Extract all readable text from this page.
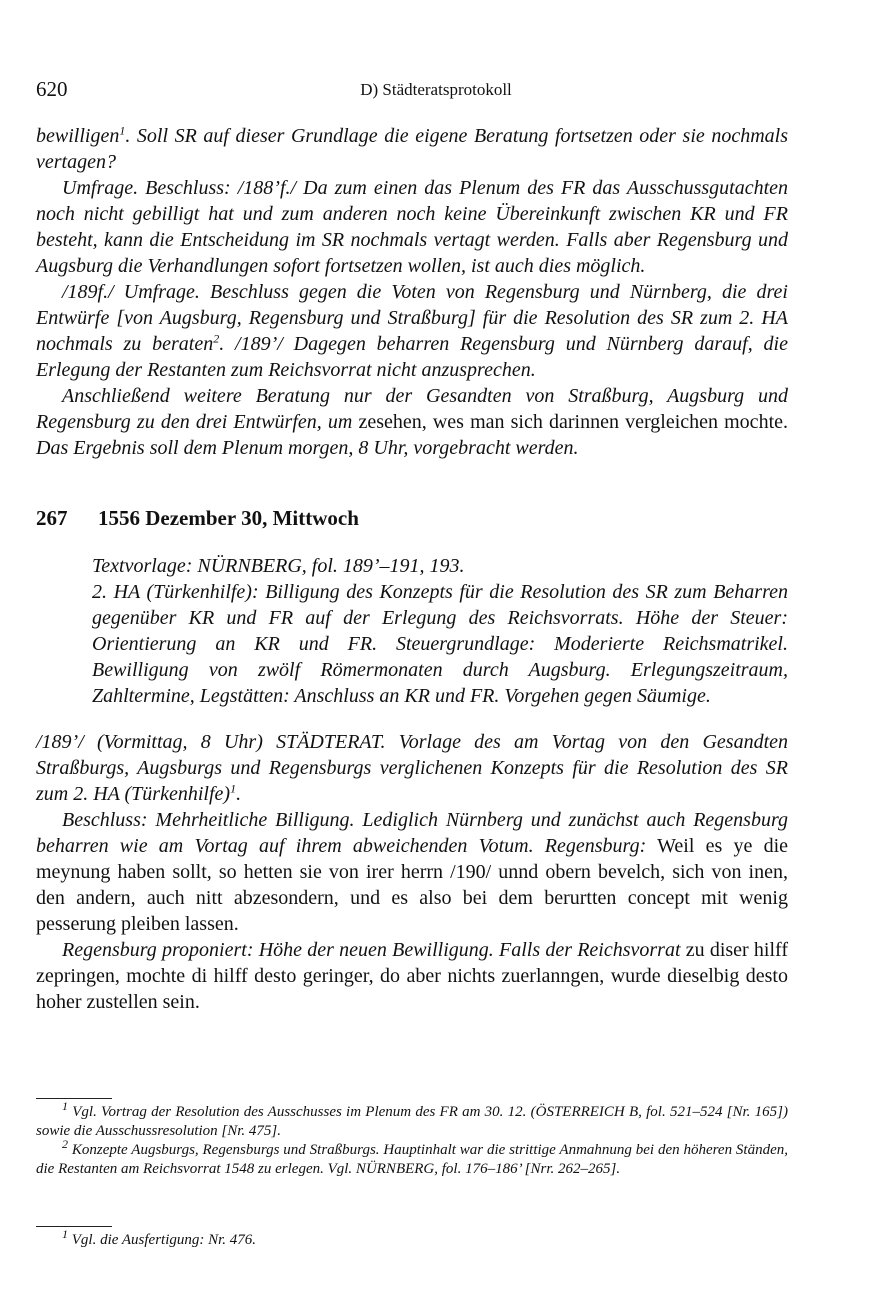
620	D) Städteratsprotokoll

bewilligen$^1$. Soll SR auf dieser Grundlage die eigene Beratung fortsetzen oder sie nochmals vertagen?

Umfrage. Beschluss: /188’f./ Da zum einen das Plenum des FR das Ausschussgutachten noch nicht gebilligt hat und zum anderen noch keine Übereinkunft zwischen KR und FR besteht, kann die Entscheidung im SR nochmals vertagt werden. Falls aber Regensburg und Augsburg die Verhandlungen sofort fortsetzen wollen, ist auch dies möglich.

/189f./ Umfrage. Beschluss gegen die Voten von Regensburg und Nürnberg, die drei Entwürfe [von Augsburg, Regensburg und Straßburg] für die Resolution des SR zum 2. HA nochmals zu beraten$^2$. /189’/ Dagegen beharren Regensburg und Nürnberg darauf, die Erlegung der Restanten zum Reichsvorrat nicht anzusprechen.

Anschließend weitere Beratung nur der Gesandten von Straßburg, Augsburg und Regensburg zu den drei Entwürfen, um zesehen, wes man sich darinnen vergleichen mochte. Das Ergebnis soll dem Plenum morgen, 8 Uhr, vorgebracht werden.

267 1556 Dezember 30, Mittwoch

Textvorlage: NÜRNBERG, fol. 189’–191, 193.

2. HA (Türkenhilfe): Billigung des Konzepts für die Resolution des SR zum Beharren gegenüber KR und FR auf der Erlegung des Reichsvorrats. Höhe der Steuer: Orientierung an KR und FR. Steuergrundlage: Moderierte Reichsmatrikel. Bewilligung von zwölf Römermonaten durch Augsburg. Erlegungszeitraum, Zahltermine, Legstätten: Anschluss an KR und FR. Vorgehen gegen Säumige.

/189’/ (Vormittag, 8 Uhr) STÄDTERAT. Vorlage des am Vortag von den Gesandten Straßburgs, Augsburgs und Regensburgs verglichenen Konzepts für die Resolution des SR zum 2. HA (Türkenhilfe)$^1$.

Beschluss: Mehrheitliche Billigung. Lediglich Nürnberg und zunächst auch Regensburg beharren wie am Vortag auf ihrem abweichenden Votum. Regensburg: Weil es ye die meynung haben sollt, so hetten sie von irer herrn /190/ unnd obern bevelch, sich von inen, den andern, auch nitt abzesondern, und es also bei dem berurtten concept mit wenig pesserung pleiben lassen.

Regensburg proponiert: Höhe der neuen Bewilligung. Falls der Reichsvorrat zu diser hilff zepringen, mochte di hilff desto geringer, do aber nichts zuerlanngen, wurde dieselbig desto hoher zustellen sein.

$^1$ Vgl. Vortrag der Resolution des Ausschusses im Plenum des FR am 30. 12. (ÖSTERREICH B, fol. 521–524 [Nr. 165]) sowie die Ausschussresolution [Nr. 475].

$^2$ Konzepte Augsburgs, Regensburgs und Straßburgs. Hauptinhalt war die strittige Anmahnung bei den höheren Ständen, die Restanten am Reichsvorrat 1548 zu erlegen. Vgl. NÜRNBERG, fol. 176–186’ [Nrr. 262–265].

$^1$ Vgl. die Ausfertigung: Nr. 476.
